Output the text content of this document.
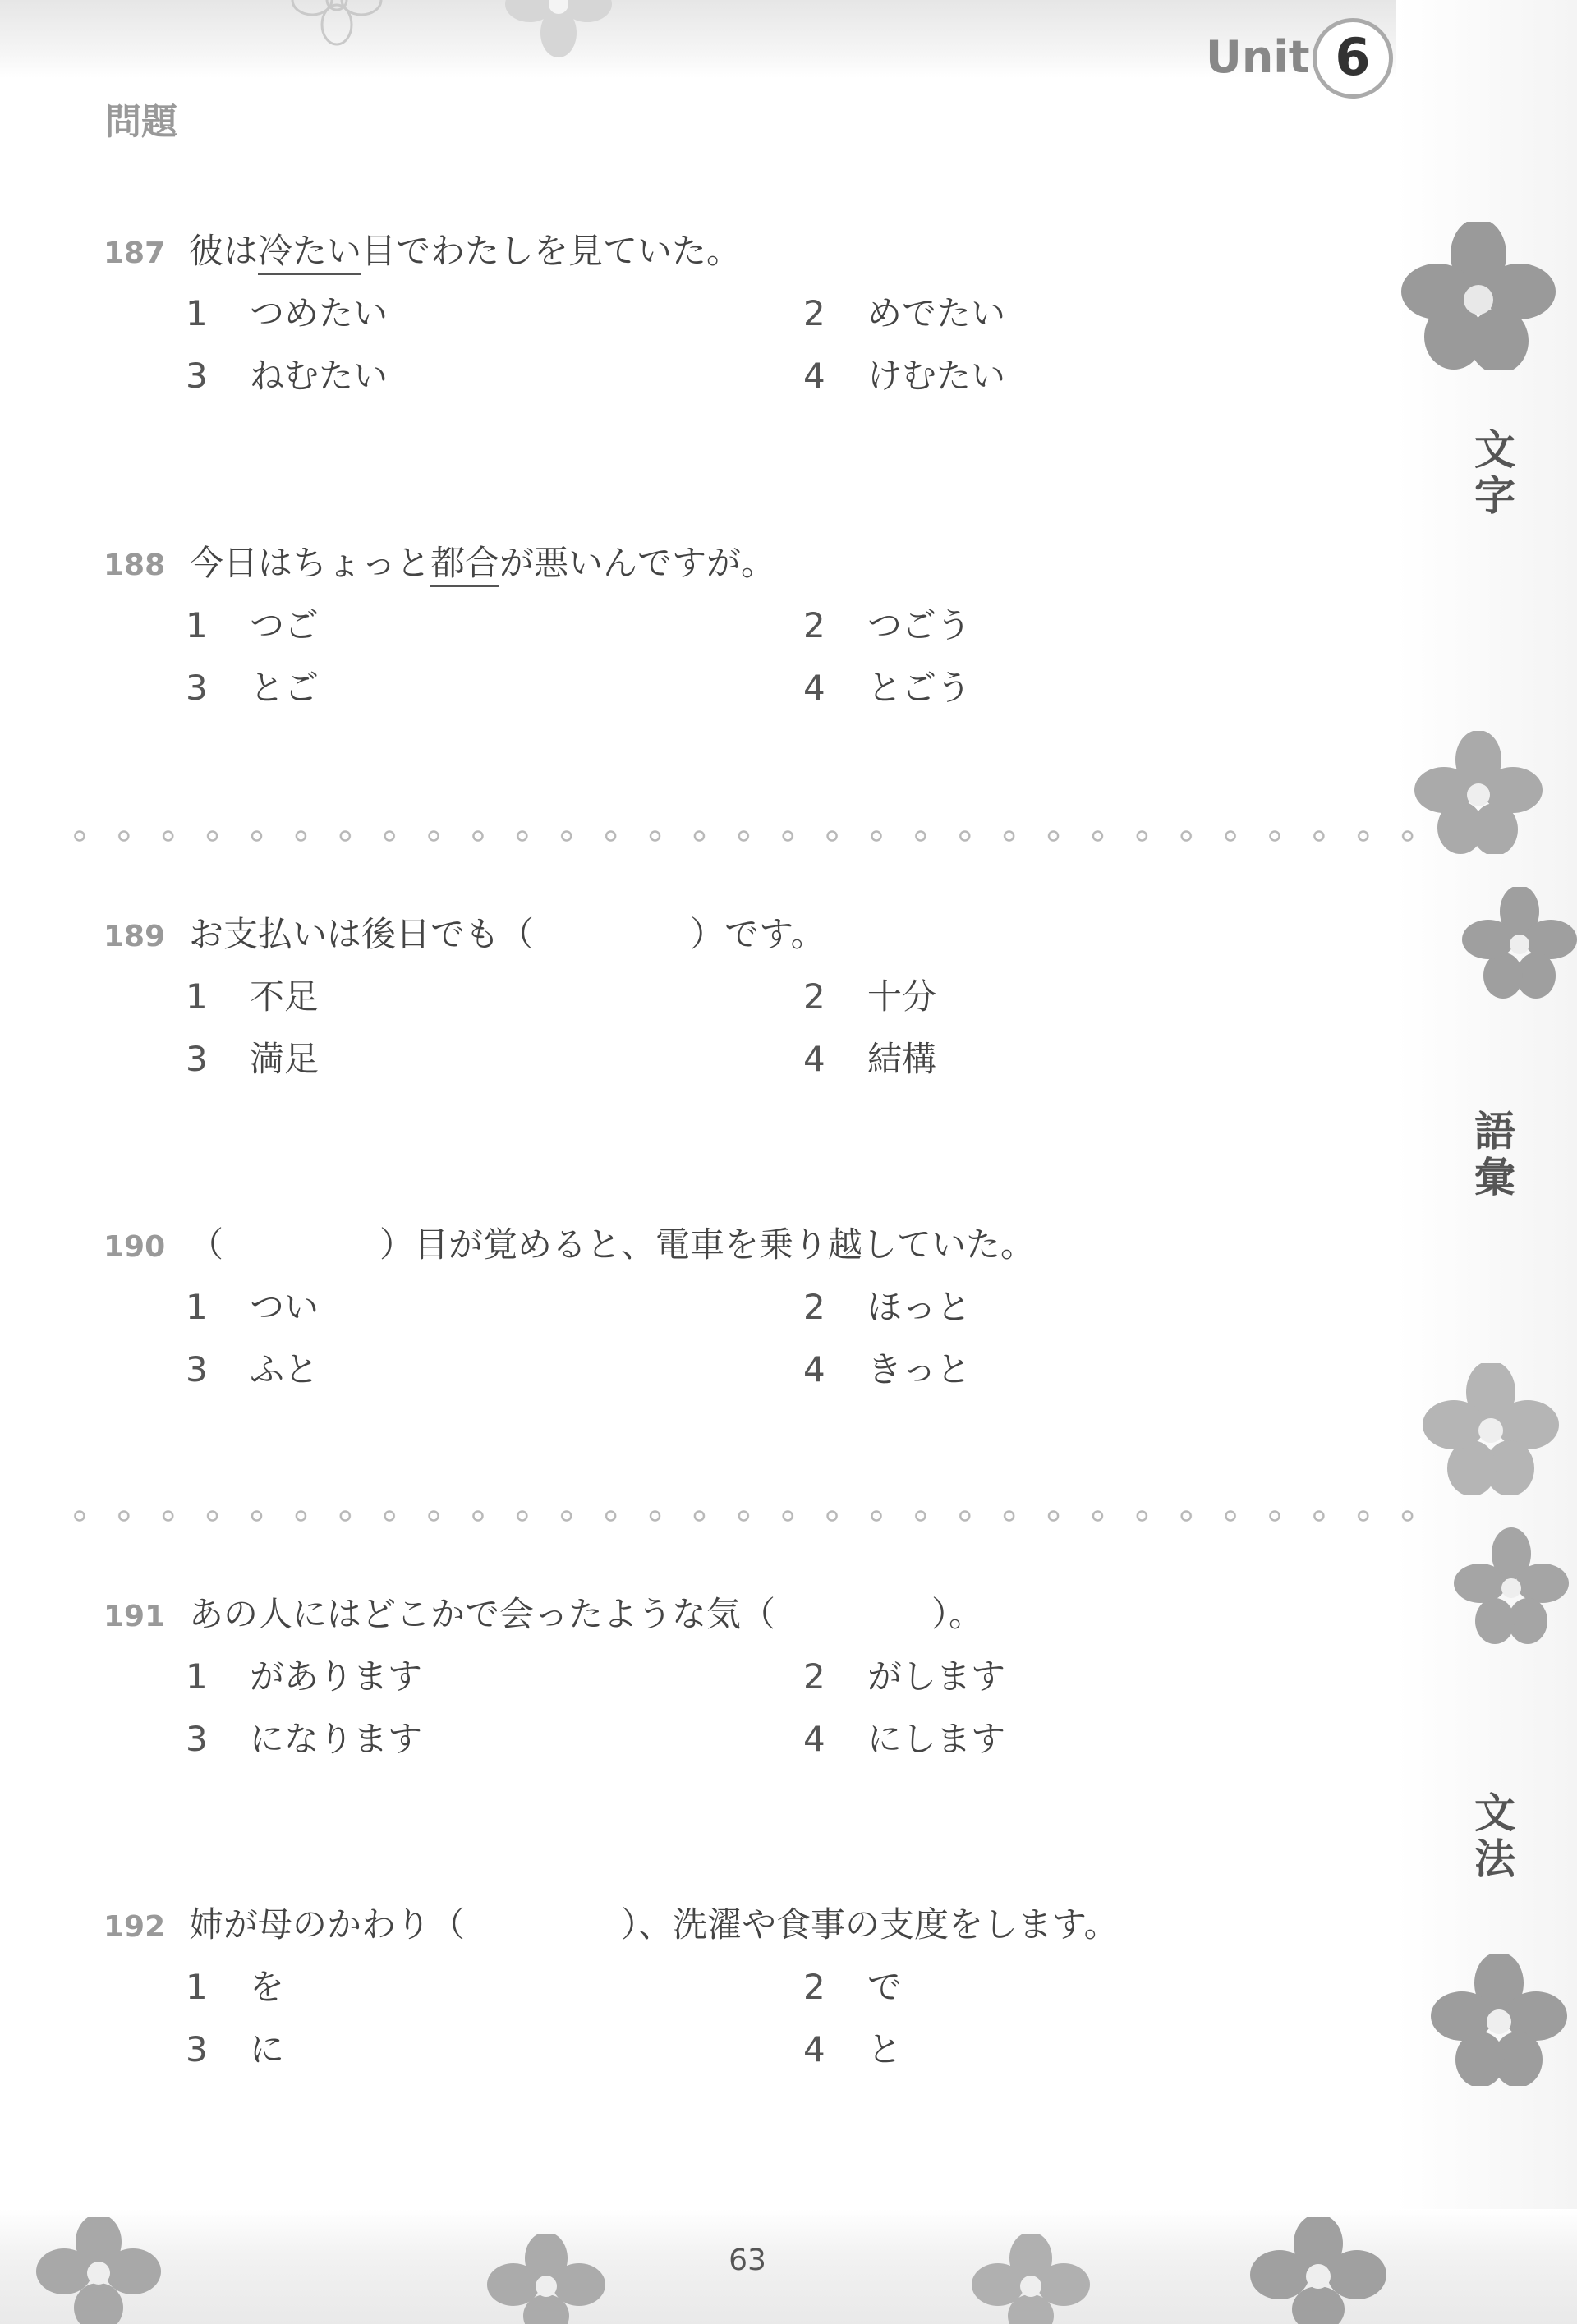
Unit 6
問題
文字
語彙
文法
187 彼は冷たい目でわたしを見ていた。
1 つめたい	2 めでたい
3 ねむたい	4 けむたい
188 今日はちょっと都合が悪いんですが。
1 つご	2 つごう
3 とご	4 とごう
189 お支払いは後日でも（	）です。
1 不足	2 十分
3 満足	4 結構
190 （	）目が覚めると、電車を乗り越していた。
1 つい	2 ほっと
3 ふと	4 きっと
191 あの人にはどこかで会ったような気（	）。
1 があります	2 がします
3 になります	4 にします
192 姉が母のかわり（	）、洗濯や食事の支度をします。
1 を	2 で
3 に	4 と
63
